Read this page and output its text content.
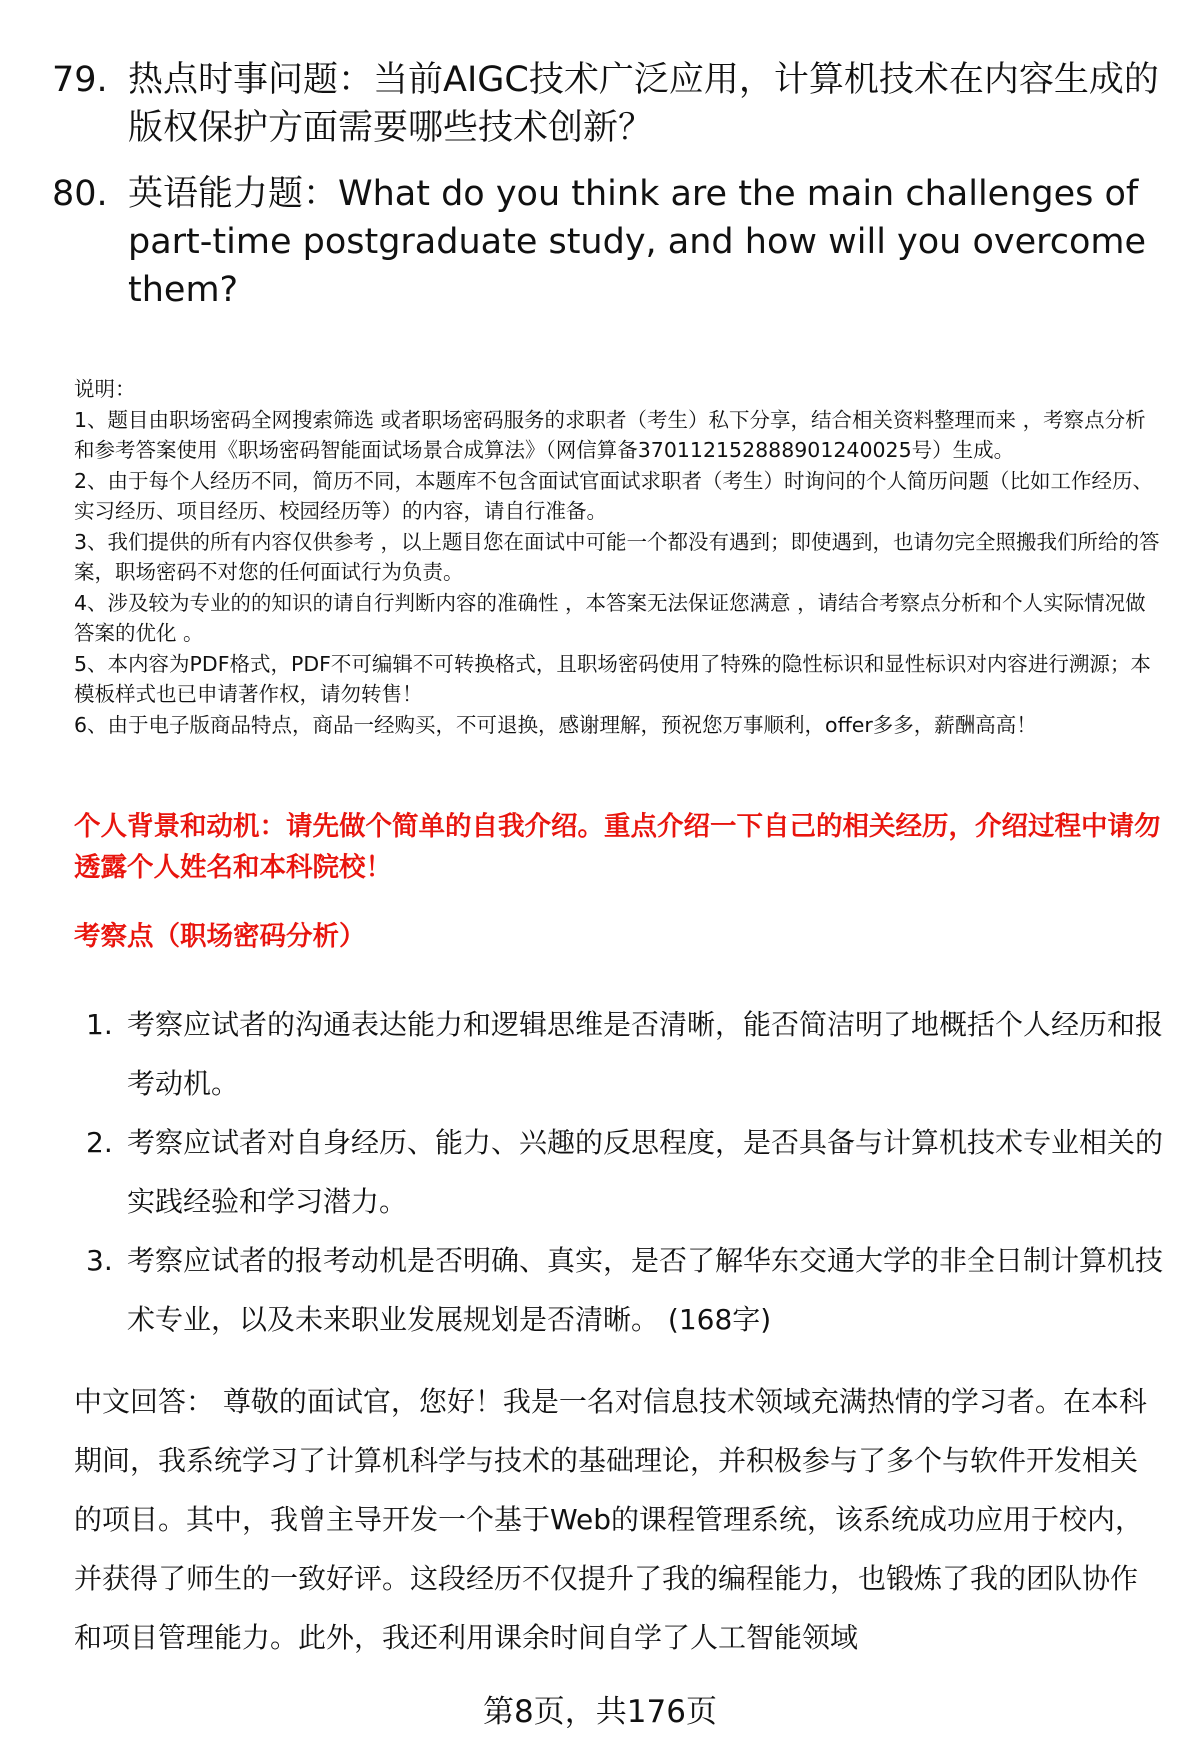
79. 热点时事问题：当前AIGC技术广泛应用，计算机技术在内容生成的版权保护方面需要哪些技术创新？
80. 英语能力题：What do you think are the main challenges of part-time postgraduate study, and how will you overcome them?

说明：

1、题目由职场密码全网搜索筛选 或者职场密码服务的求职者（考生）私下分享，结合相关资料整理而来 ，考察点分析和参考答案使用《职场密码智能面试场景合成算法》（网信算备370112152888901240025号）生成。

2、由于每个人经历不同，简历不同，本题库不包含面试官面试求职者（考生）时询问的个人简历问题（比如工作经历、实习经历、项目经历、校园经历等）的内容，请自行准备。

3、我们提供的所有内容仅供参考 ，以上题目您在面试中可能一个都没有遇到；即使遇到，也请勿完全照搬我们所给的答案，职场密码不对您的任何面试行为负责。

4、涉及较为专业的的知识的请自行判断内容的准确性 ，本答案无法保证您满意 ，请结合考察点分析和个人实际情况做答案的优化 。

5、本内容为PDF格式，PDF不可编辑不可转换格式，且职场密码使用了特殊的隐性标识和显性标识对内容进行溯源；本模板样式也已申请著作权，请勿转售！

6、由于电子版商品特点，商品一经购买，不可退换，感谢理解，预祝您万事顺利，offer多多，薪酬高高！

个人背景和动机：请先做个简单的自我介绍。重点介绍一下自己的相关经历，介绍过程中请勿透露个人姓名和本科院校！
考察点（职场密码分析）
1. 考察应试者的沟通表达能力和逻辑思维是否清晰，能否简洁明了地概括个人经历和报考动机。
2. 考察应试者对自身经历、能力、兴趣的反思程度，是否具备与计算机技术专业相关的实践经验和学习潜力。
3. 考察应试者的报考动机是否明确、真实，是否了解华东交通大学的非全日制计算机技术专业，以及未来职业发展规划是否清晰。 (168字)
中文回答： 尊敬的面试官，您好！我是一名对信息技术领域充满热情的学习者。在本科期间，我系统学习了计算机科学与技术的基础理论，并积极参与了多个与软件开发相关的项目。其中，我曾主导开发一个基于Web的课程管理系统，该系统成功应用于校内，并获得了师生的一致好评。这段经历不仅提升了我的编程能力，也锻炼了我的团队协作和项目管理能力。此外，我还利用课余时间自学了人工智能领域
第8页，共176页
